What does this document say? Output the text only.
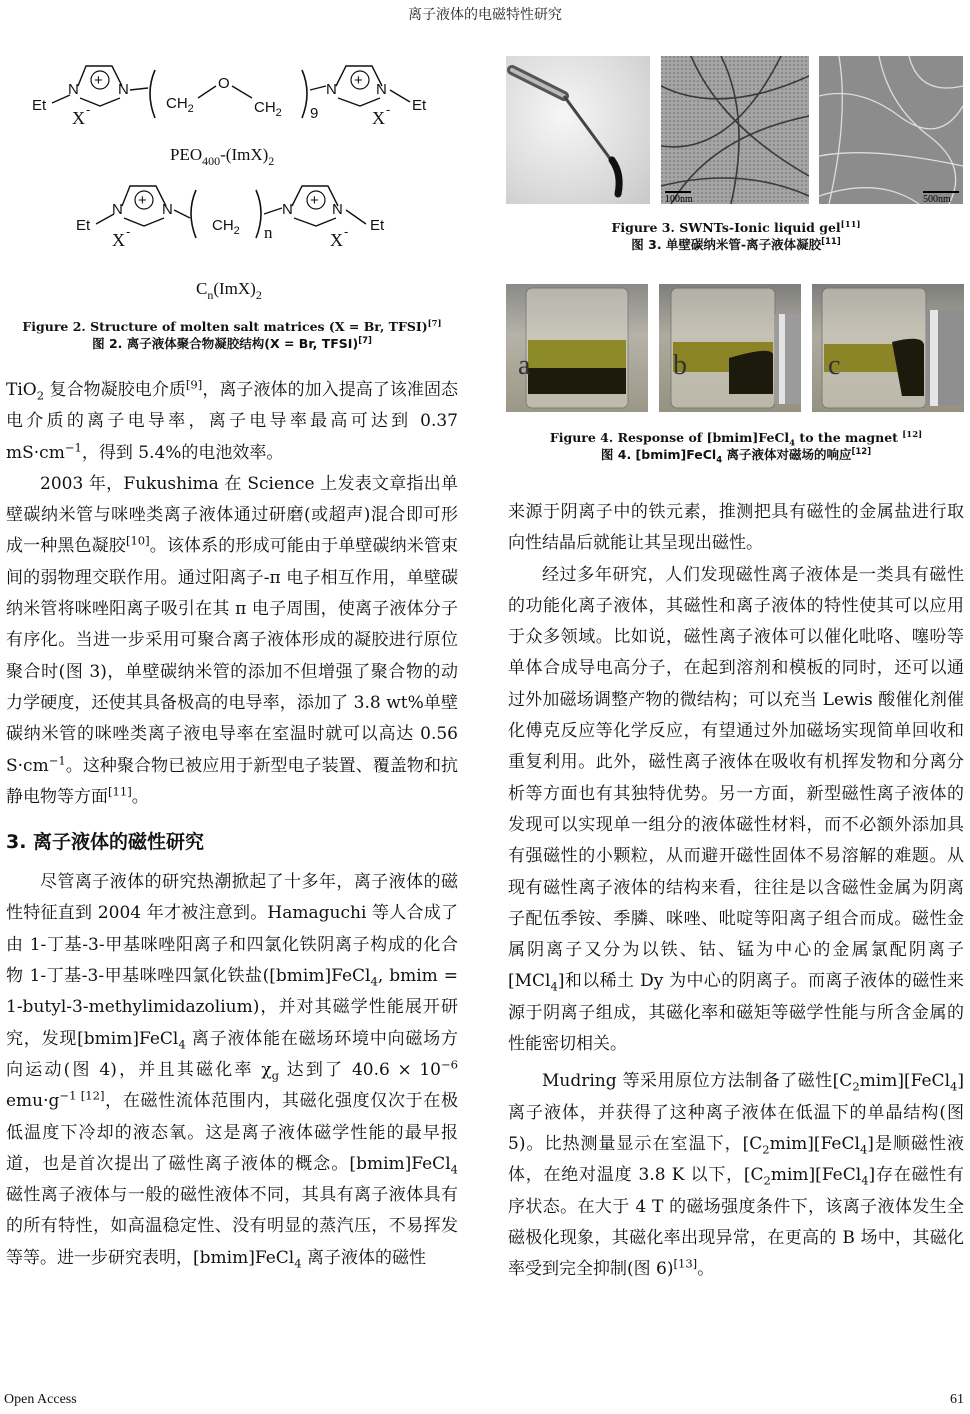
离子液体的电磁特性研究
Et
N
+
N
X -	$CH_2$
O
$CH_2$ 9
N
+
N
X - Et
$PEO_{400}-(ImX)_2$
Et
N
+
N
X -	$CH_2$ n
N
+
N
X - Et
$C_n(ImX)_2$
Figure 2. Structure of molten salt matrices (X = Br, TFSI)[7]
图 2. 离子液体聚合物凝胶结构(X = Br, TFSI)[7]

TiO$_2$ 复合物凝胶电介质[9]，离子液体的加入提高了该准固态电介质的离子电导率，离子电导率最高可达到 0.37 $mS\cdot cm^{-1}$，得到 5.4%的电池效率。

2003 年，Fukushima 在 Science 上发表文章指出单壁碳纳米管与咪唑类离子液体通过研磨(或超声)混合即可形成一种黑色凝胶[10]。该体系的形成可能由于单壁碳纳米管束间的弱物理交联作用。通过阳离子-π 电子相互作用，单壁碳纳米管将咪唑阳离子吸引在其 π 电子周围，使离子液体分子有序化。当进一步采用可聚合离子液体形成的凝胶进行原位聚合时(图 3)，单壁碳纳米管的添加不但增强了聚合物的动力学硬度，还使其具备极高的电导率，添加了 3.8 wt%单壁碳纳米管的咪唑类离子液电导率在室温时就可以高达 0.56 $S\cdot cm^{-1}$。这种聚合物已被应用于新型电子装置、覆盖物和抗静电物等方面[11]。

3. 离子液体的磁性研究

尽管离子液体的研究热潮掀起了十多年，离子液体的磁性特征直到 2004 年才被注意到。Hamaguchi 等人合成了由 1-丁基-3-甲基咪唑阳离子和四氯化铁阴离子构成的化合物 1-丁基-3-甲基咪唑四氯化铁盐([bmim]FeCl$_4$, bmim = 1-butyl-3-methylimidazolium)，并对其磁学性能展开研究，发现[bmim]FeCl$_4$ 离子液体能在磁场环境中向磁场方向运动(图 4)，并且其磁化率 $\chi_g$ 达到了 $40.6 \times 10^{-6}$ $emu\cdot g^{-1 [12]}$，在磁性流体范围内，其磁化强度仅次于在极低温度下冷却的液态氧。这是离子液体磁学性能的最早报道，也是首次提出了磁性离子液体的概念。[bmim]FeCl$_4$ 磁性离子液体与一般的磁性液体不同，其具有离子液体具有的所有特性，如高温稳定性、没有明显的蒸汽压，不易挥发等等。进一步研究表明，[bmim]FeCl$_4$ 离子液体的磁性

100nm	500nm
Figure 3. SWNTs-Ionic liquid gel[11]
图 3. 单壁碳纳米管-离子液体凝胶[11]
a	b	c
Figure 4. Response of [bmim]FeCl$_4$ to the magnet [12]
图 4. [bmim]FeCl$_4$ 离子液体对磁场的响应[12]

来源于阴离子中的铁元素，推测把具有磁性的金属盐进行取向性结晶后就能让其呈现出磁性。

经过多年研究，人们发现磁性离子液体是一类具有磁性的功能化离子液体，其磁性和离子液体的特性使其可以应用于众多领域。比如说，磁性离子液体可以催化吡咯、噻吩等单体合成导电高分子，在起到溶剂和模板的同时，还可以通过外加磁场调整产物的微结构；可以充当 Lewis 酸催化剂催化傅克反应等化学反应，有望通过外加磁场实现简单回收和重复利用。此外，磁性离子液体在吸收有机挥发物和分离分析等方面也有其独特优势。另一方面，新型磁性离子液体的发现可以实现单一组分的液体磁性材料，而不必额外添加具有强磁性的小颗粒，从而避开磁性固体不易溶解的难题。从现有磁性离子液体的结构来看，往往是以含磁性金属为阴离子配伍季铵、季膦、咪唑、吡啶等阳离子组合而成。磁性金属阴离子又分为以铁、钴、锰为中心的金属氯配阴离子[MCl$_4$]和以稀土 Dy 为中心的阴离子。而离子液体的磁性来源于阴离子组成，其磁化率和磁矩等磁学性能与所含金属的性能密切相关。

Mudring 等采用原位方法制备了磁性$[C_2mim][FeCl_4]$离子液体，并获得了这种离子液体在低温下的单晶结构(图 5)。比热测量显示在室温下，$[C_2mim][FeCl_4]$是顺磁性液体，在绝对温度 3.8 K 以下，$[C_2mim][FeCl_4]$存在磁性有序状态。在大于 4 T 的磁场强度条件下，该离子液体发生全磁极化现象，其磁化率出现异常，在更高的 B 场中，其磁化率受到完全抑制(图 6)[13]。

Open Access	61
